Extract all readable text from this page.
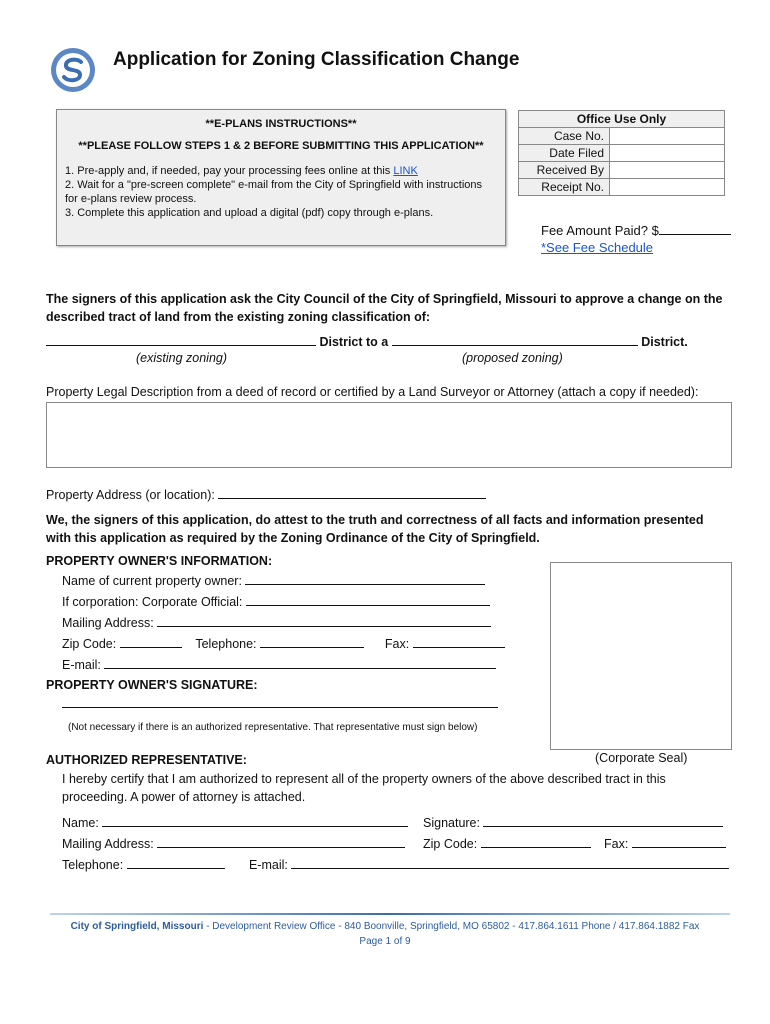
Application for Zoning Classification Change
**E-PLANS INSTRUCTIONS**
**PLEASE FOLLOW STEPS 1 & 2 BEFORE SUBMITTING THIS APPLICATION**
1. Pre-apply and, if needed, pay your processing fees online at this LINK
2. Wait for a "pre-screen complete" e-mail from the City of Springfield with instructions for e-plans review process.
3. Complete this application and upload a digital (pdf) copy through e-plans.
Office Use Only	
Case No.	
Date Filed	
Received By	
Receipt No.	
Fee Amount Paid? $
*See Fee Schedule
The signers of this application ask the City Council of the City of Springfield, Missouri to approve a change on the described tract of land from the existing zoning classification of:
District to a	District.
(existing zoning)	(proposed zoning)
Property Legal Description from a deed of record or certified by a Land Surveyor or Attorney (attach a copy if needed):
Property Address (or location):
We, the signers of this application, do attest to the truth and correctness of all facts and information presented with this application as required by the Zoning Ordinance of the City of Springfield.
PROPERTY OWNER'S INFORMATION:
Name of current property owner:
If corporation: Corporate Official:
Mailing Address:
Zip Code:	Telephone:	Fax:
E-mail:
PROPERTY OWNER'S SIGNATURE:
(Not necessary if there is an authorized representative. That representative must sign below)
(Corporate Seal)
AUTHORIZED REPRESENTATIVE:
I hereby certify that I am authorized to represent all of the property owners of the above described tract in this proceeding. A power of attorney is attached.
Name:	Signature:
Mailing Address:	Zip Code:	Fax:
Telephone:	E-mail:
City of Springfield, Missouri - Development Review Office - 840 Boonville, Springfield, MO 65802 - 417.864.1611 Phone / 417.864.1882 Fax
Page 1 of 9
